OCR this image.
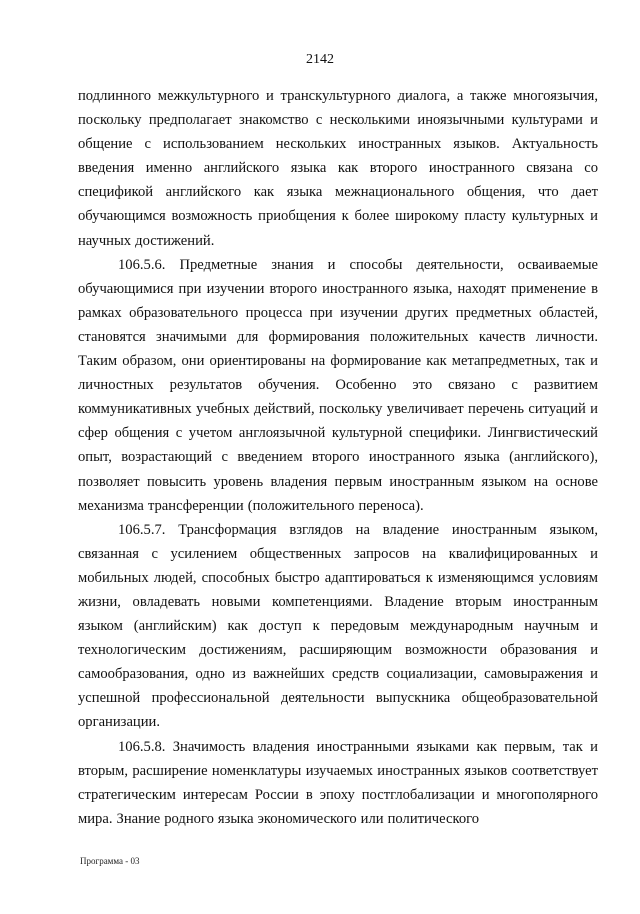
2142

подлинного межкультурного и транскультурного диалога, а также многоязычия, поскольку предполагает знакомство с несколькими иноязычными культурами и общение с использованием нескольких иностранных языков. Актуальность введения именно английского языка как второго иностранного связана со спецификой английского как языка межнационального общения, что дает обучающимся возможность приобщения к более широкому пласту культурных и научных достижений.

106.5.6. Предметные знания и способы деятельности, осваиваемые обучающимися при изучении второго иностранного языка, находят применение в рамках образовательного процесса при изучении других предметных областей, становятся значимыми для формирования положительных качеств личности. Таким образом, они ориентированы на формирование как метапредметных, так и личностных результатов обучения. Особенно это связано с развитием коммуникативных учебных действий, поскольку увеличивает перечень ситуаций и сфер общения с учетом англоязычной культурной специфики. Лингвистический опыт, возрастающий с введением второго иностранного языка (английского), позволяет повысить уровень владения первым иностранным языком на основе механизма трансференции (положительного переноса).

106.5.7. Трансформация взглядов на владение иностранным языком, связанная с усилением общественных запросов на квалифицированных и мобильных людей, способных быстро адаптироваться к изменяющимся условиям жизни, овладевать новыми компетенциями. Владение вторым иностранным языком (английским) как доступ к передовым международным научным и технологическим достижениям, расширяющим возможности образования и самообразования, одно из важнейших средств социализации, самовыражения и успешной профессиональной деятельности выпускника общеобразовательной организации.

106.5.8. Значимость владения иностранными языками как первым, так и вторым, расширение номенклатуры изучаемых иностранных языков соответствует стратегическим интересам России в эпоху постглобализации и многополярного мира. Знание родного языка экономического или политического

Программа - 03
